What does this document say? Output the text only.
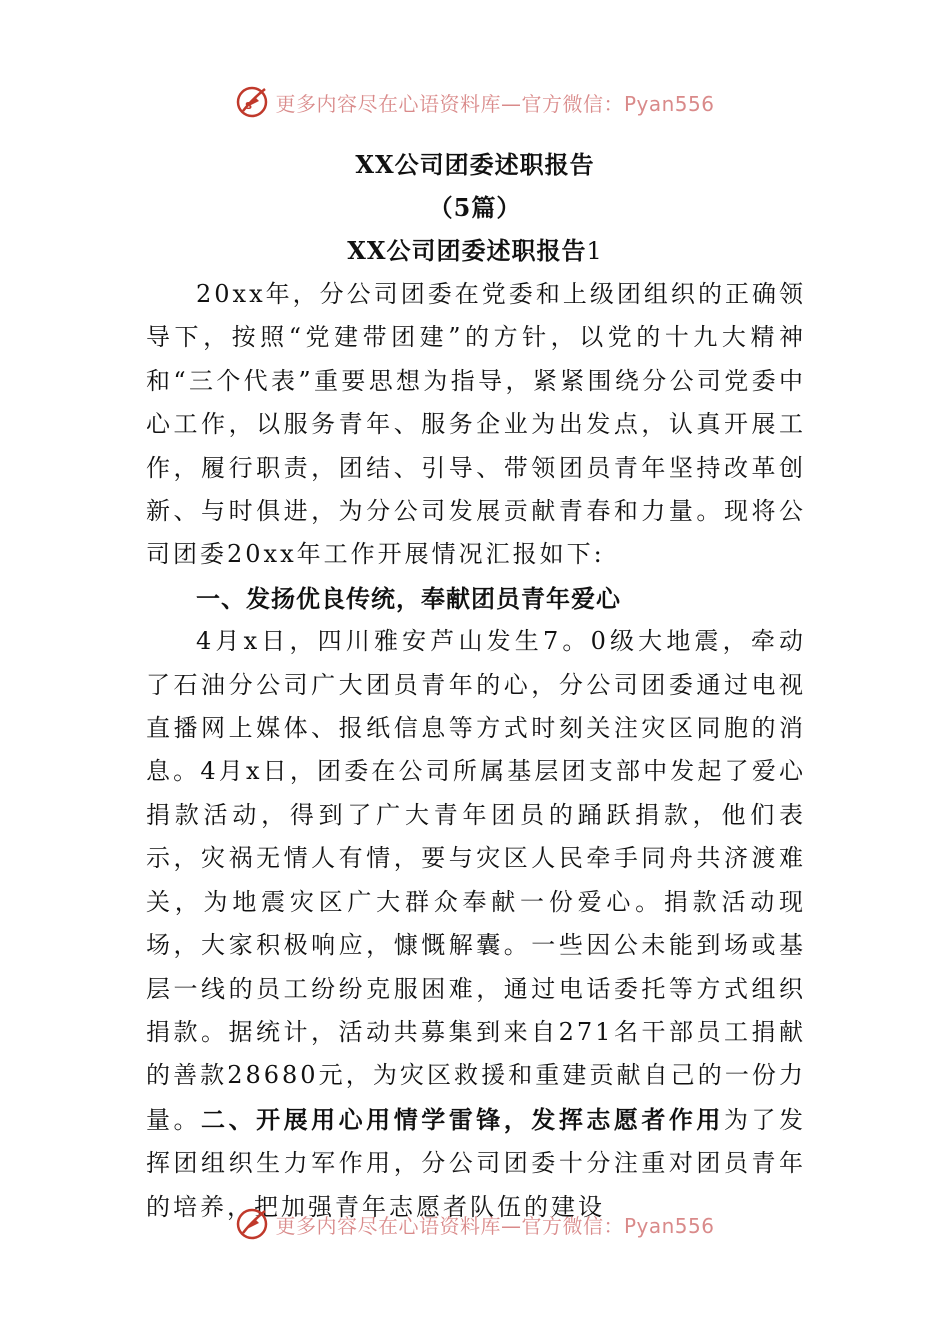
S 更多内容尽在心语资料库—官方微信：Pyan556
XX公司团委述职报告
（5篇）
XX公司团委述职报告1

20xx年，分公司团委在党委和上级团组织的正确领导下，按照“党建带团建”的方针，以党的十九大精神和“三个代表”重要思想为指导，紧紧围绕分公司党委中心工作，以服务青年、服务企业为出发点，认真开展工作，履行职责，团结、引导、带领团员青年坚持改革创新、与时俱进，为分公司发展贡献青春和力量。现将公司团委20xx年工作开展情况汇报如下:

一、发扬优良传统，奉献团员青年爱心

4月x日，四川雅安芦山发生7。0级大地震，牵动了石油分公司广大团员青年的心，分公司团委通过电视直播网上媒体、报纸信息等方式时刻关注灾区同胞的消息。4月x日，团委在公司所属基层团支部中发起了爱心捐款活动，得到了广大青年团员的踊跃捐款，他们表示，灾祸无情人有情，要与灾区人民牵手同舟共济渡难关，为地震灾区广大群众奉献一份爱心。捐款活动现场，大家积极响应，慷慨解囊。一些因公未能到场或基层一线的员工纷纷克服困难，通过电话委托等方式组织捐款。据统计，活动共募集到来自271名干部员工捐献的善款28680元，为灾区救援和重建贡献自己的一份力量。二、开展用心用情学雷锋，发挥志愿者作用为了发挥团组织生力军作用，分公司团委十分注重对团员青年的培养，把加强青年志愿者队伍的建设

更多内容尽在心语资料库—官方微信：Pyan556
